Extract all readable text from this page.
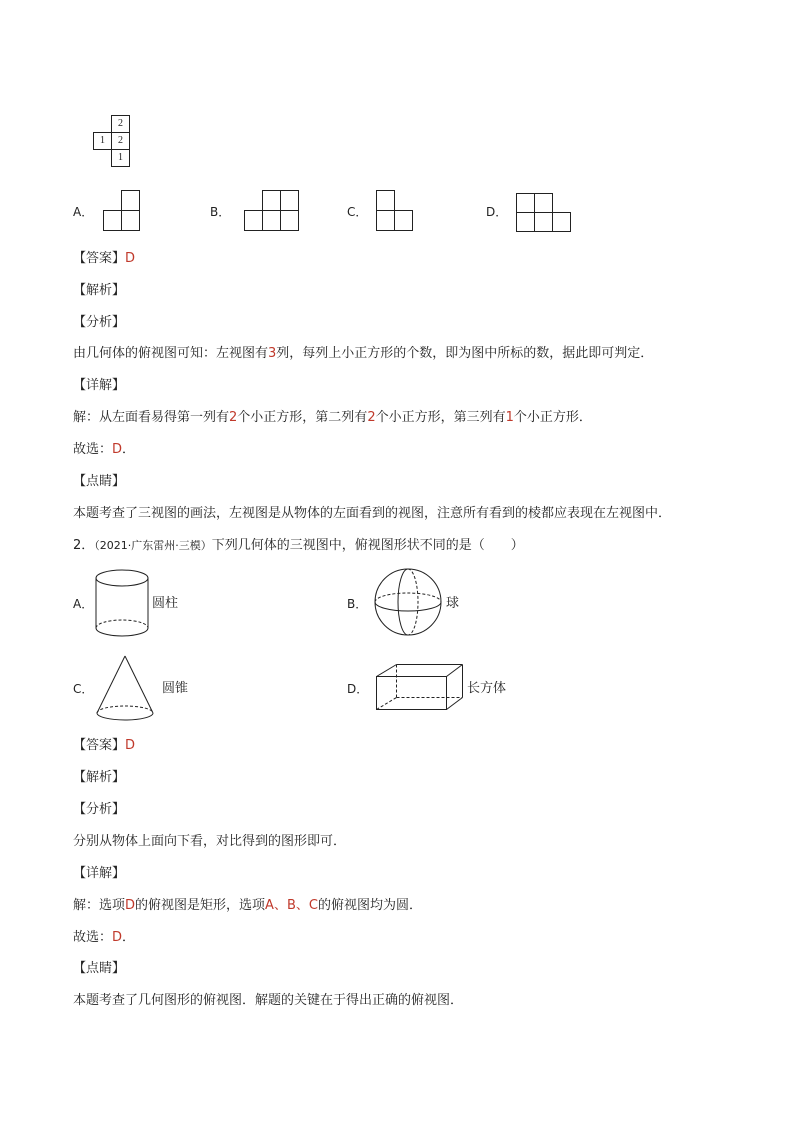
2
1	2
1
A．	B．	C．	D．
【答案】D
【解析】
【分析】
由几何体的俯视图可知：左视图有3列，每列上小正方形的个数，即为图中所标的数，据此即可判定．
【详解】
解：从左面看易得第一列有2个小正方形，第二列有2个小正方形，第三列有1个小正方形．
故选：D．
【点睛】
本题考查了三视图的画法，左视图是从物体的左面看到的视图，注意所有看到的棱都应表现在左视图中．
2．（2021·广东雷州·三模）下列几何体的三视图中，俯视图形状不同的是（　　）
A．	圆柱	B．	球
C．	圆锥	D．	长方体
【答案】D
【解析】
【分析】
分别从物体上面向下看，对比得到的图形即可．
【详解】
解：选项D的俯视图是矩形，选项A、B、C的俯视图均为圆．
故选：D．
【点睛】
本题考查了几何图形的俯视图．解题的关键在于得出正确的俯视图．
